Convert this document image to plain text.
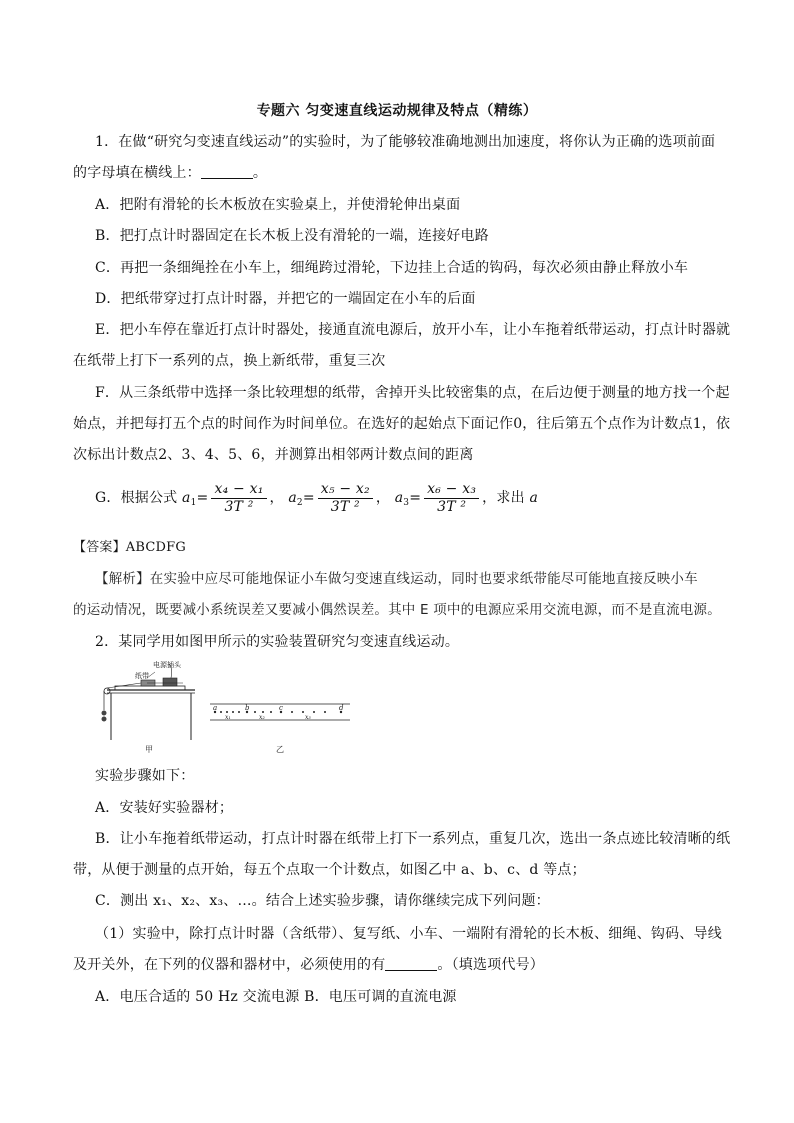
专题六 匀变速直线运动规律及特点（精练）
1．在做“研究匀变速直线运动”的实验时，为了能够较准确地测出加速度，将你认为正确的选项前面
的字母填在横线上：	。
A．把附有滑轮的长木板放在实验桌上，并使滑轮伸出桌面
B．把打点计时器固定在长木板上没有滑轮的一端，连接好电路
C．再把一条细绳拴在小车上，细绳跨过滑轮，下边挂上合适的钩码，每次必须由静止释放小车
D．把纸带穿过打点计时器，并把它的一端固定在小车的后面
E．把小车停在靠近打点计时器处，接通直流电源后，放开小车，让小车拖着纸带运动，打点计时器就
在纸带上打下一系列的点，换上新纸带，重复三次
F．从三条纸带中选择一条比较理想的纸带，舍掉开头比较密集的点，在后边便于测量的地方找一个起
始点，并把每打五个点的时间作为时间单位。在选好的起始点下面记作0，往后第五个点作为计数点1，依
次标出计数点2、3、4、5、6，并测算出相邻两计数点间的距离
G．根据公式 $a_1= \frac{\text{x₄ − x₁}}{\text{3T ²}}$ ， $a_2= \frac{\text{x₅ − x₂}}{\text{3T ²}}$ ， $a_3= \frac{\text{x₆ − x₃}}{\text{3T ²}}$ ，求出 a
【答案】ABCDFG
【解析】在实验中应尽可能地保证小车做匀变速直线运动，同时也要求纸带能尽可能地直接反映小车
的运动情况，既要减小系统误差又要减小偶然误差。其中 E 项中的电源应采用交流电源，而不是直流电源。
2．某同学用如图甲所示的实验装置研究匀变速直线运动。
电源插头
纸带
甲
a	b	c	d
x₁	x₂	x₃
乙
实验步骤如下：
A．安装好实验器材；
B．让小车拖着纸带运动，打点计时器在纸带上打下一系列点，重复几次，选出一条点迹比较清晰的纸
带，从便于测量的点开始，每五个点取一个计数点，如图乙中 a、b、c、d 等点；
C．测出 x₁、x₂、x₃、…。结合上述实验步骤，请你继续完成下列问题：
（1）实验中，除打点计时器（含纸带）、复写纸、小车、一端附有滑轮的长木板、细绳、钩码、导线
及开关外，在下列的仪器和器材中，必须使用的有	。（填选项代号）
A．电压合适的 50 Hz 交流电源 B．电压可调的直流电源
